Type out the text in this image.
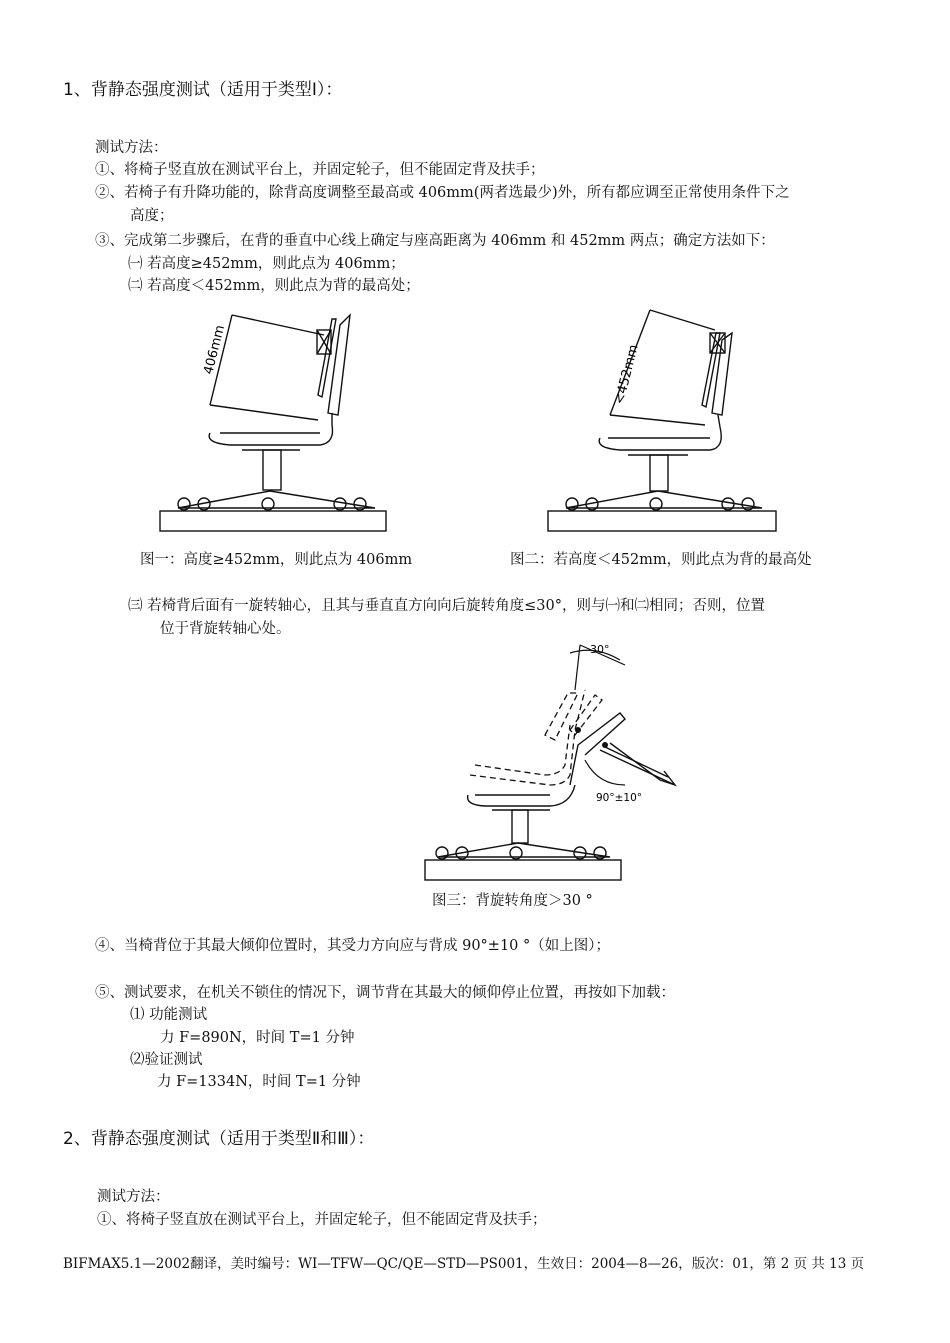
1、背静态强度测试（适用于类型Ⅰ）：
测试方法：
①、将椅子竖直放在测试平台上，并固定轮子，但不能固定背及扶手；
②、若椅子有升降功能的，除背高度调整至最高或 406mm(两者选最少)外，所有都应调至正常使用条件下之
高度；
③、完成第二步骤后，在背的垂直中心线上确定与座高距离为 406mm 和 452mm 两点；确定方法如下：
㈠ 若高度≥452mm，则此点为 406mm；
㈡ 若高度＜452mm，则此点为背的最高处；
406mm	<452mm
图一：高度≥452mm，则此点为 406mm	图二：若高度＜452mm，则此点为背的最高处
㈢ 若椅背后面有一旋转轴心，且其与垂直直方向向后旋转角度≤30°，则与㈠和㈡相同；否则，位置
位于背旋转轴心处。
30°
90°±10°
图三：背旋转角度＞30 °
④、当椅背位于其最大倾仰位置时，其受力方向应与背成 90°±10 °（如上图）；
⑤、测试要求，在机关不锁住的情况下，调节背在其最大的倾仰停止位置，再按如下加载：
⑴ 功能测试
力 F=890N，时间 T=1 分钟
⑵验证测试
力 F=1334N，时间 T=1 分钟
2、背静态强度测试（适用于类型Ⅱ和Ⅲ）：
测试方法：
①、将椅子竖直放在测试平台上，并固定轮子，但不能固定背及扶手；
BIFMAX5.1—2002翻译，美时编号：WI—TFW—QC/QE—STD—PS001，生效日：2004—8—26，版次：01，第 2 页 共 13 页
